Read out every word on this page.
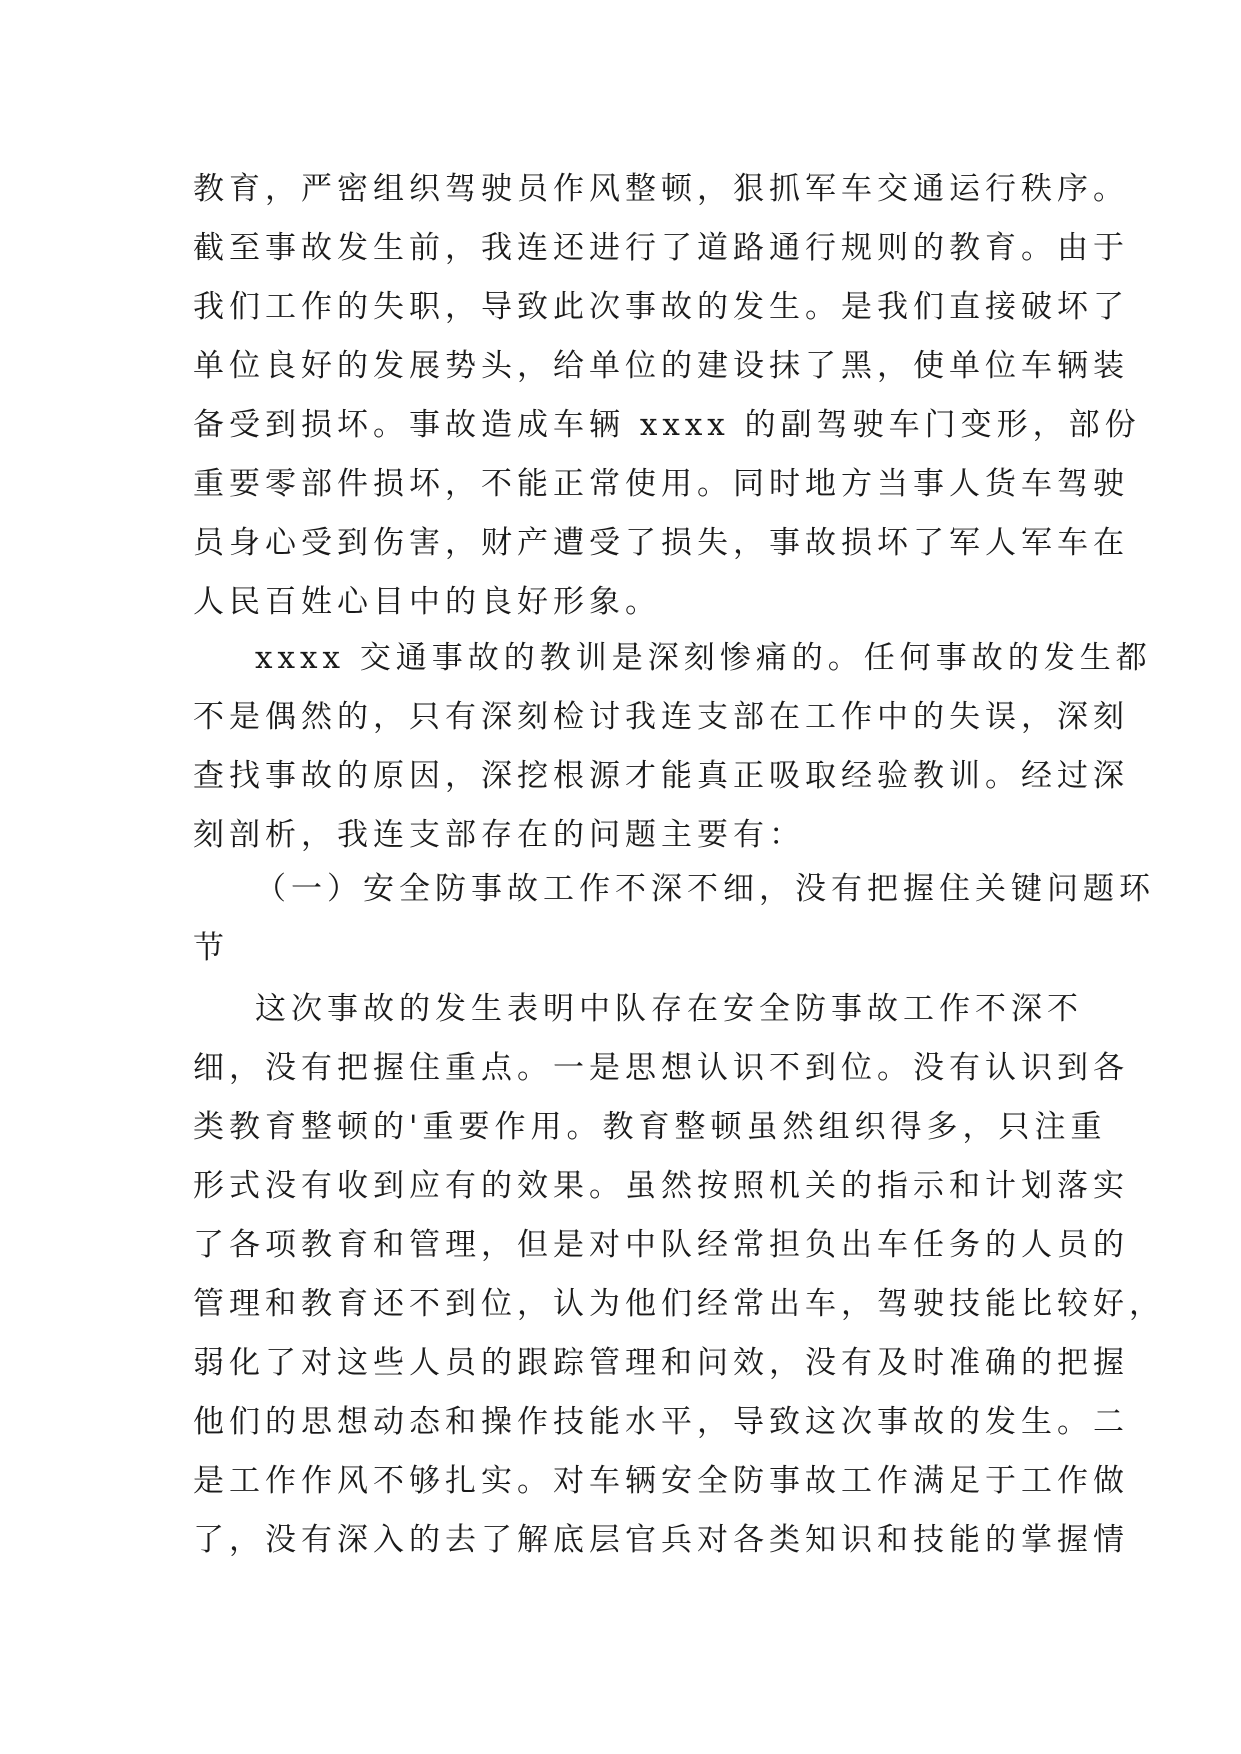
教育，严密组织驾驶员作风整顿，狠抓军车交通运行秩序。
截至事故发生前，我连还进行了道路通行规则的教育。由于
我们工作的失职，导致此次事故的发生。是我们直接破坏了
单位良好的发展势头，给单位的建设抹了黑，使单位车辆装
备受到损坏。事故造成车辆 xxxx 的副驾驶车门变形，部份
重要零部件损坏，不能正常使用。同时地方当事人货车驾驶
员身心受到伤害，财产遭受了损失，事故损坏了军人军车在
人民百姓心目中的良好形象。
xxxx 交通事故的教训是深刻惨痛的。任何事故的发生都
不是偶然的，只有深刻检讨我连支部在工作中的失误，深刻
查找事故的原因，深挖根源才能真正吸取经验教训。经过深
刻剖析，我连支部存在的问题主要有：
（一）安全防事故工作不深不细，没有把握住关键问题环
节
这次事故的发生表明中队存在安全防事故工作不深不
细，没有把握住重点。一是思想认识不到位。没有认识到各
类教育整顿的'重要作用。教育整顿虽然组织得多，只注重
形式没有收到应有的效果。虽然按照机关的指示和计划落实
了各项教育和管理，但是对中队经常担负出车任务的人员的
管理和教育还不到位，认为他们经常出车，驾驶技能比较好，
弱化了对这些人员的跟踪管理和问效，没有及时准确的把握
他们的思想动态和操作技能水平，导致这次事故的发生。二
是工作作风不够扎实。对车辆安全防事故工作满足于工作做
了，没有深入的去了解底层官兵对各类知识和技能的掌握情
